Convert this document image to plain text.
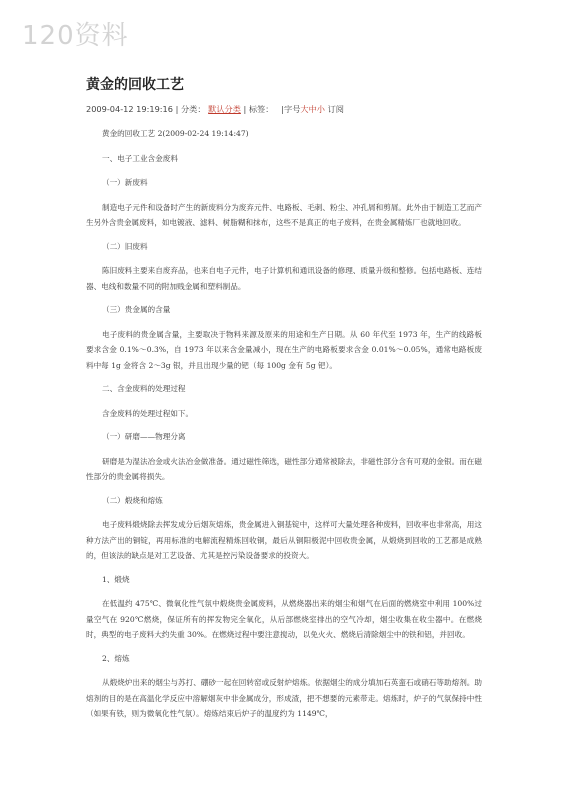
120资料
黄金的回收工艺
2009-04-12 19:19:16 | 分类： 默认分类 | 标签： |字号大中小 订阅

黄金的回收工艺 2(2009-02-24 19:14:47)

一、电子工业含金废料

（一）新废料

制造电子元件和设备时产生的新废料分为废弃元件、电路板、毛刺、粉尘、冲孔屑和剪屑。此外由于制造工艺而产生另外含贵金属废料，如电镀液、滤料、树脂糊和抹布，这些不是真正的电子废料，在贵金属精炼厂也就地回收。

（二）旧废料

陈旧废料主要来自废弃品，也来自电子元件，电子计算机和通讯设备的修理、质量升级和整修。包括电路板、连结器、电线和数量不同的附加贱金属和塑料制品。

（三）贵金属的含量

电子废料的贵金属含量，主要取决于物料来源及原来的用途和生产日期。从 60 年代至 1973 年，生产的线路板要求含金 0.1%～0.3%，自 1973 年以来含金量减小，现在生产的电路板要求含金 0.01%～0.05%，通常电路板废料中每 1g 金将含 2～3g 银，并且出现少量的钯（每 100g 金有 5g 钯）。

二、含金废料的处理过程

含金废料的处理过程如下。

（一）研磨——物理分离

研磨是为湿法冶金或火法冶金做准备。通过磁性筛选，磁性部分通常被除去，非磁性部分含有可观的金银。而在磁性部分的贵金属将损失。

（二）煅烧和熔炼

电子废料煅烧除去挥发成分后烟灰熔炼，贵金属进入铜基锭中，这样可大量处理各种废料，回收率也非常高，用这种方法产出的铜锭，再用标准的电解流程精炼回收铜，最后从铜阳极泥中回收贵金属，从煅烧到回收的工艺都是成熟的，但该法的缺点是对工艺设备、尤其是控污染设备要求的投资大。

1、煅烧

在低温约 475℃、微氧化性气氛中煅烧贵金属废料，从燃烧器出来的烟尘和烟气在后面的燃烧室中利用 100%过量空气在 920℃燃烧，保证所有的挥发物完全氧化，从后部燃烧室排出的空气冷却，烟尘收集在收尘器中。在燃烧时，典型的电子废料大约失重 30%。在燃烧过程中要注意搅动，以免火火、燃烧后清除烟尘中的铁和铝，并回收。

2、熔炼

从煅烧炉出来的烟尘与苏打、硼砂一起在回转窑或反射炉熔炼。依据烟尘的成分填加石英蛮石或硝石等助熔剂。助熔剂的目的是在高温化学反应中溶解烟灰中非金属成分，形成渣，把不想要的元素带走。熔炼时，炉子的气氛保持中性（如果有铁，则为微氧化性气氛）。熔炼结束后炉子的温度约为 1149℃，
